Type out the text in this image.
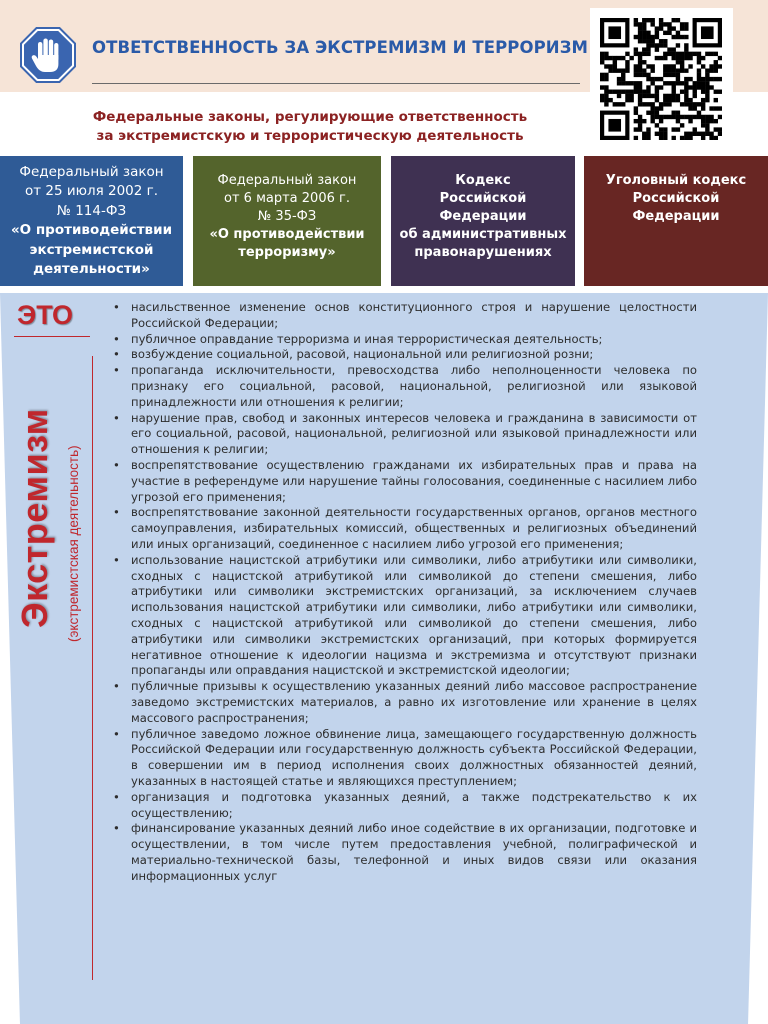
ОТВЕТСТВЕННОСТЬ ЗА ЭКСТРЕМИЗМ И ТЕРРОРИЗМ
Федеральные законы, регулирующие ответственность
за экстремистскую и террористическую деятельность
Федеральный закон
от 25 июля 2002 г.
№ 114-ФЗ
«О противодействии
экстремистской
деятельности»
Федеральный закон
от 6 марта 2006 г.
№ 35-ФЗ
«О противодействии
терроризму»
Кодекс
Российской
Федерации
об административных
правонарушениях
Уголовный кодекс
Российской
Федерации
ЭТО
Экстремизм (экстремистская деятельность)
• насильственное изменение основ конституционного строя и нарушение целостности Российской Федерации;
• публичное оправдание терроризма и иная террористическая деятельность;
• возбуждение социальной, расовой, национальной или религиозной розни;
• пропаганда исключительности, превосходства либо неполноценности человека по признаку его социальной, расовой, национальной, религиозной или языковой принадлежности или отношения к религии;
• нарушение прав, свобод и законных интересов человека и гражданина в зависимости от его социальной, расовой, национальной, религиозной или языковой принадлежности или отношения к религии;
• воспрепятствование осуществлению гражданами их избирательных прав и права на участие в референдуме или нарушение тайны голосования, соединенные с насилием либо угрозой его применения;
• воспрепятствование законной деятельности государственных органов, органов местного самоуправления, избирательных комиссий, общественных и религиозных объединений или иных организаций, соединенное с насилием либо угрозой его применения;
• использование нацистской атрибутики или символики, либо атрибутики или символики, сходных с нацистской атрибутикой или символикой до степени смешения, либо атрибутики или символики экстремистских организаций, за исключением случаев использования нацистской атрибутики или символики, либо атрибутики или символики, сходных с нацистской атрибутикой или символикой до степени смешения, либо атрибутики или символики экстремистских организаций, при которых формируется негативное отношение к идеологии нацизма и экстремизма и отсутствуют признаки пропаганды или оправдания нацистской и экстремистской идеологии;
• публичные призывы к осуществлению указанных деяний либо массовое распространение заведомо экстремистских материалов, а равно их изготовление или хранение в целях массового распространения;
• публичное заведомо ложное обвинение лица, замещающего государственную должность Российской Федерации или государственную должность субъекта Российской Федерации, в совершении им в период исполнения своих должностных обязанностей деяний, указанных в настоящей статье и являющихся преступлением;
• организация и подготовка указанных деяний, а также подстрекательство к их осуществлению;
• финансирование указанных деяний либо иное содействие в их организации, подготовке и осуществлении, в том числе путем предоставления учебной, полиграфической и материально-технической базы, телефонной и иных видов связи или оказания информационных услуг
